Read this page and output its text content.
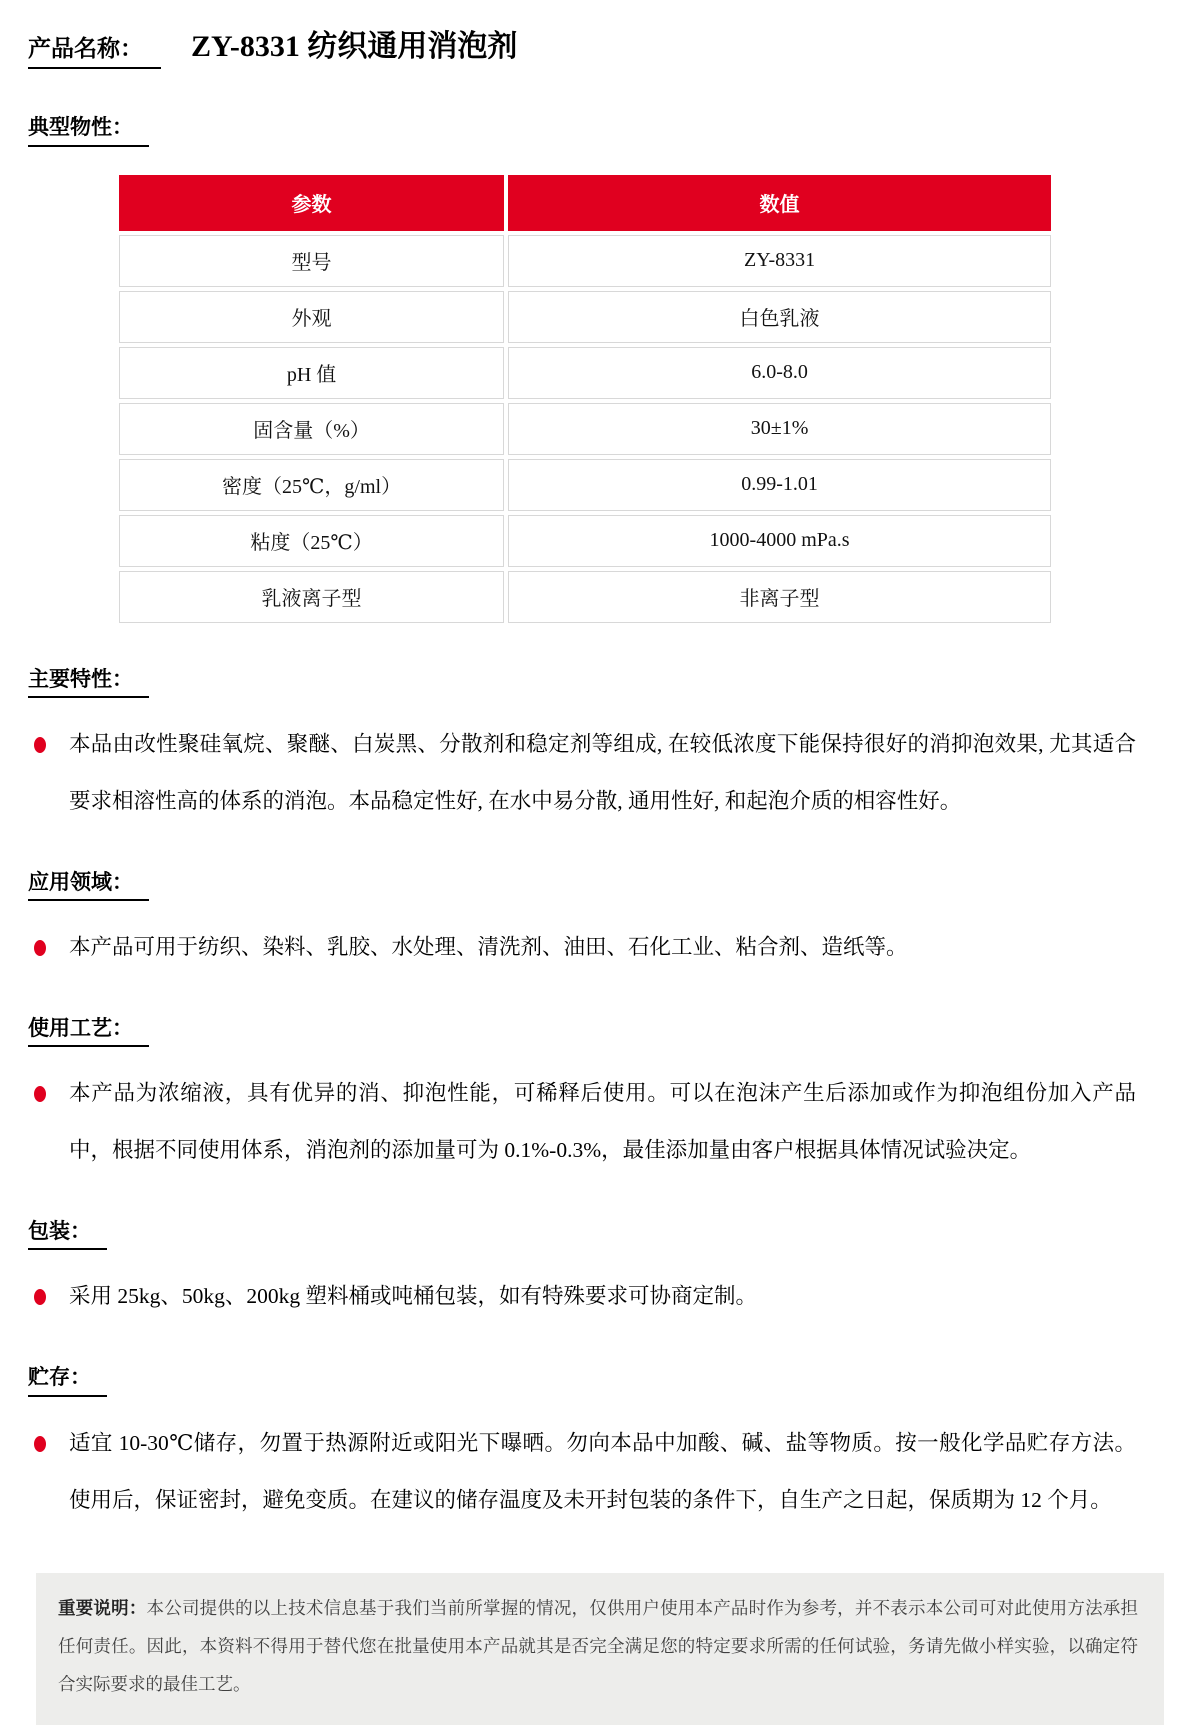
产品名称：	ZY-8331 纺织通用消泡剂
典型物性：
参数	数值
型号	ZY-8331
外观	白色乳液
pH 值	6.0-8.0
固含量（%）	30±1%
密度（25℃，g/ml）	0.99-1.01
粘度（25℃）	1000-4000 mPa.s
乳液离子型	非离子型
主要特性：

本品由改性聚硅氧烷、聚醚、白炭黑、分散剂和稳定剂等组成, 在较低浓度下能保持很好的消抑泡效果, 尤其适合要求相溶性高的体系的消泡。本品稳定性好, 在水中易分散, 通用性好, 和起泡介质的相容性好。

应用领域：

本产品可用于纺织、染料、乳胶、水处理、清洗剂、油田、石化工业、粘合剂、造纸等。

使用工艺：

本产品为浓缩液，具有优异的消、抑泡性能，可稀释后使用。可以在泡沫产生后添加或作为抑泡组份加入产品中，根据不同使用体系，消泡剂的添加量可为 0.1%-0.3%，最佳添加量由客户根据具体情况试验决定。

包装：

采用 25kg、50kg、200kg 塑料桶或吨桶包装，如有特殊要求可协商定制。

贮存：

适宜 10-30℃储存，勿置于热源附近或阳光下曝晒。勿向本品中加酸、碱、盐等物质。按一般化学品贮存方法。使用后，保证密封，避免变质。在建议的储存温度及未开封包装的条件下，自生产之日起，保质期为 12 个月。

重要说明：本公司提供的以上技术信息基于我们当前所掌握的情况，仅供用户使用本产品时作为参考，并不表示本公司可对此使用方法承担任何责任。因此，本资料不得用于替代您在批量使用本产品就其是否完全满足您的特定要求所需的任何试验，务请先做小样实验，以确定符合实际要求的最佳工艺。
